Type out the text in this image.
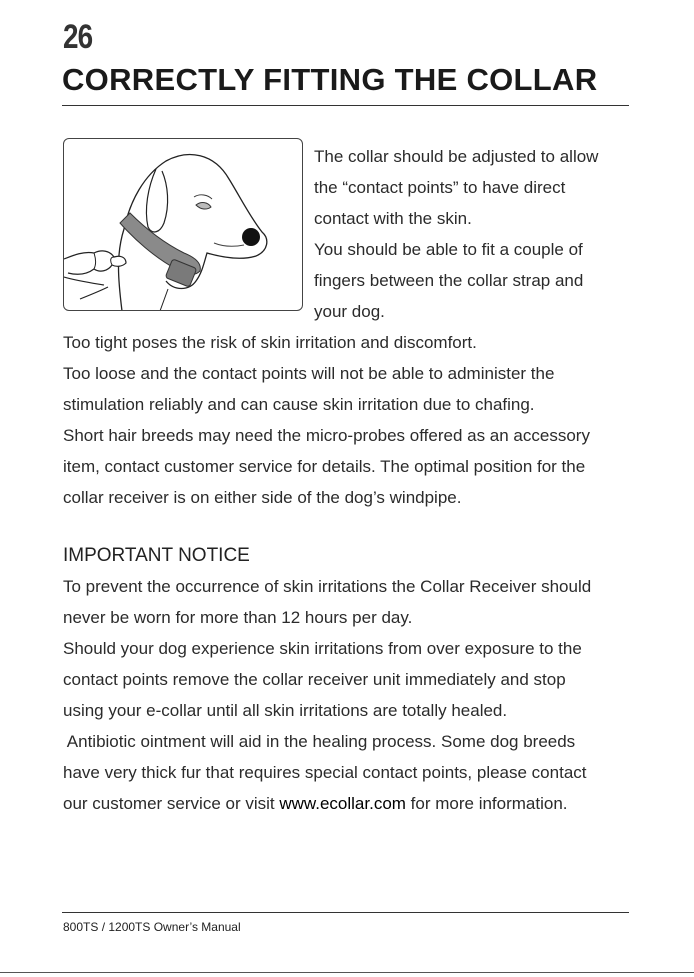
26
CORRECTLY FITTING THE COLLAR

The collar should be adjusted to allow

the “contact points” to have direct

contact with the skin.

You should be able to fit a couple of

fingers between the collar strap and

your dog.

Too tight poses the risk of skin irritation and discomfort.

Too loose and the contact points will not be able to administer the

stimulation reliably and can cause skin irritation due to chafing.

Short hair breeds may need the micro-probes offered as an accessory

item, contact customer service for details. The optimal position for the

collar receiver is on either side of the dog’s windpipe.

IMPORTANT NOTICE

To prevent the occurrence of skin irritations the Collar Receiver should

never be worn for more than 12 hours per day.

Should your dog experience skin irritations from over exposure to the

contact points remove the collar receiver unit immediately and stop

using your e-collar until all skin irritations are totally healed.

Antibiotic ointment will aid in the healing process. Some dog breeds

have very thick fur that requires special contact points, please contact

our customer service or visit www.ecollar.com for more information.

800TS / 1200TS Owner’s Manual
